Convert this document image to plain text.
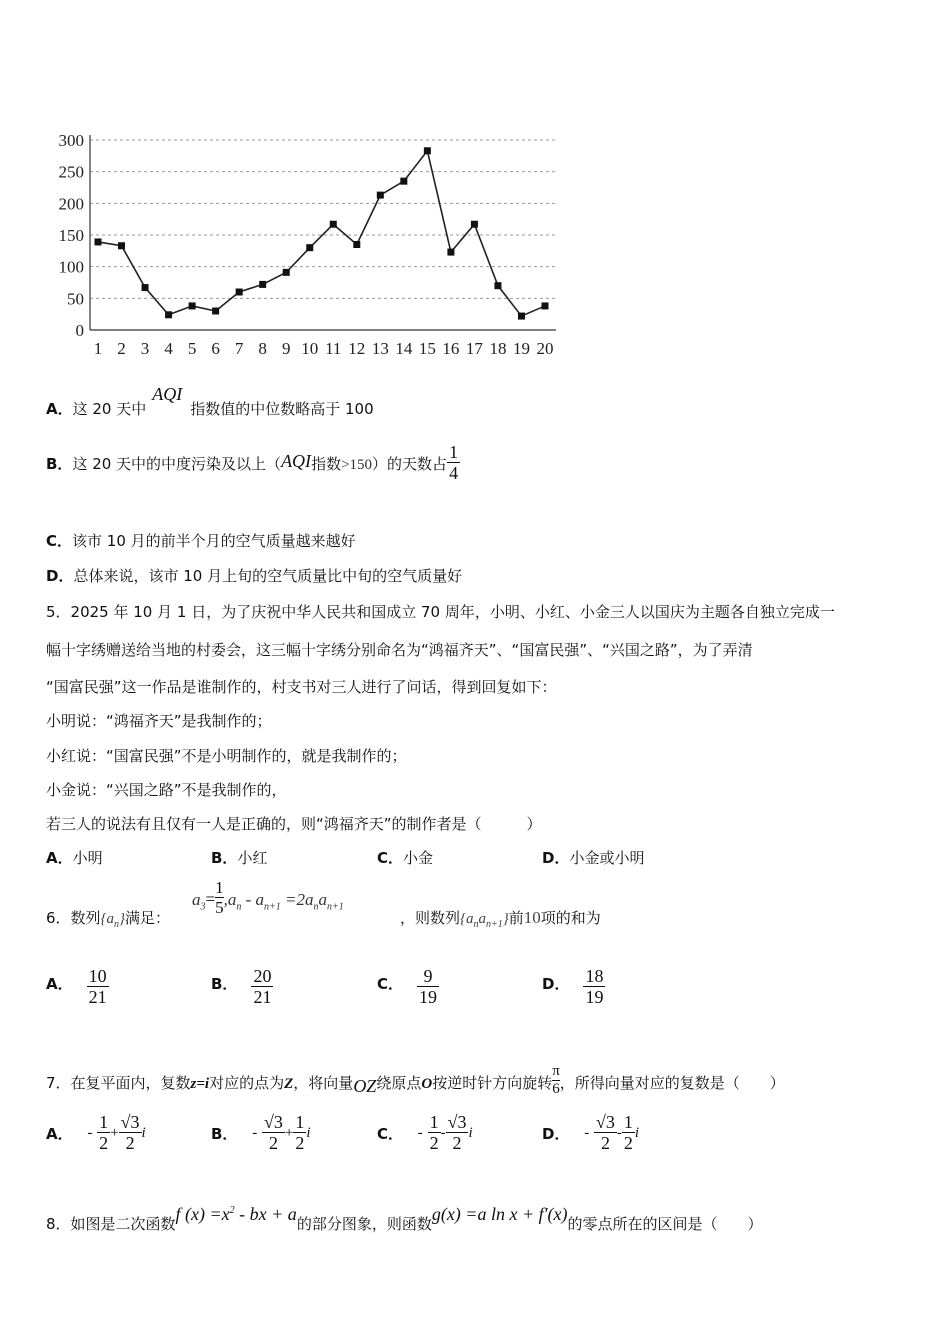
0
50
100
150
200
250
300
1 2 3 4 5 6 7 8 9 10 11 12 13 14 15 16 17 18 19 20
A．这 20 天中AQI指数值的中位数略高于 100
B．这 20 天中的中度污染及以上（AQI指数>150）的天数占 $\frac{1}{4}$
C．该市 10 月的前半个月的空气质量越来越好
D．总体来说，该市 10 月上旬的空气质量比中旬的空气质量好
5．2025 年 10 月 1 日，为了庆祝中华人民共和国成立 70 周年，小明、小红、小金三人以国庆为主题各自独立完成一
幅十字绣赠送给当地的村委会，这三幅十字绣分别命名为“鸿福齐天”、“国富民强”、“兴国之路”，为了弄清
“国富民强”这一作品是谁制作的，村支书对三人进行了问话，得到回复如下：
小明说：“鸿福齐天”是我制作的；
小红说：“国富民强”不是小明制作的，就是我制作的；
小金说：“兴国之路”不是我制作的，
若三人的说法有且仅有一人是正确的，则“鸿福齐天”的制作者是（　　　）
A．小明	B．小红	C．小金	D．小金或小明
6．数列$\{a_n\}$满足：
$a_3= \frac{1}{5} ,a_n - a_{n+1} =2a_na_{n+1}$
，则数列$\{a_na_{n+1}\}$前10项的和为
A． $\frac{10}{21}$	B． $\frac{20}{21}$	C． $\frac{9}{19}$	D． $\frac{18}{19}$
7．在复平面内，复数z=i对应的点为Z，将向量OZ绕原点O按逆时针方向旋转 $\frac{\pi}{6}$ ，所得向量对应的复数是（　　）
A． - $\frac{1}{2} + \frac{√3}{2}$ i	B． - $\frac{√3}{2} + \frac{1}{2}$ i	C． - $\frac{1}{2} - \frac{√3}{2}$ i	D． - $\frac{√3}{2} - \frac{1}{2}$ i
8．如图是二次函数f $(x) =x^2$ - bx + a的部分图象，则函数g(x) =a ln x + f′(x)的零点所在的区间是（　　）
